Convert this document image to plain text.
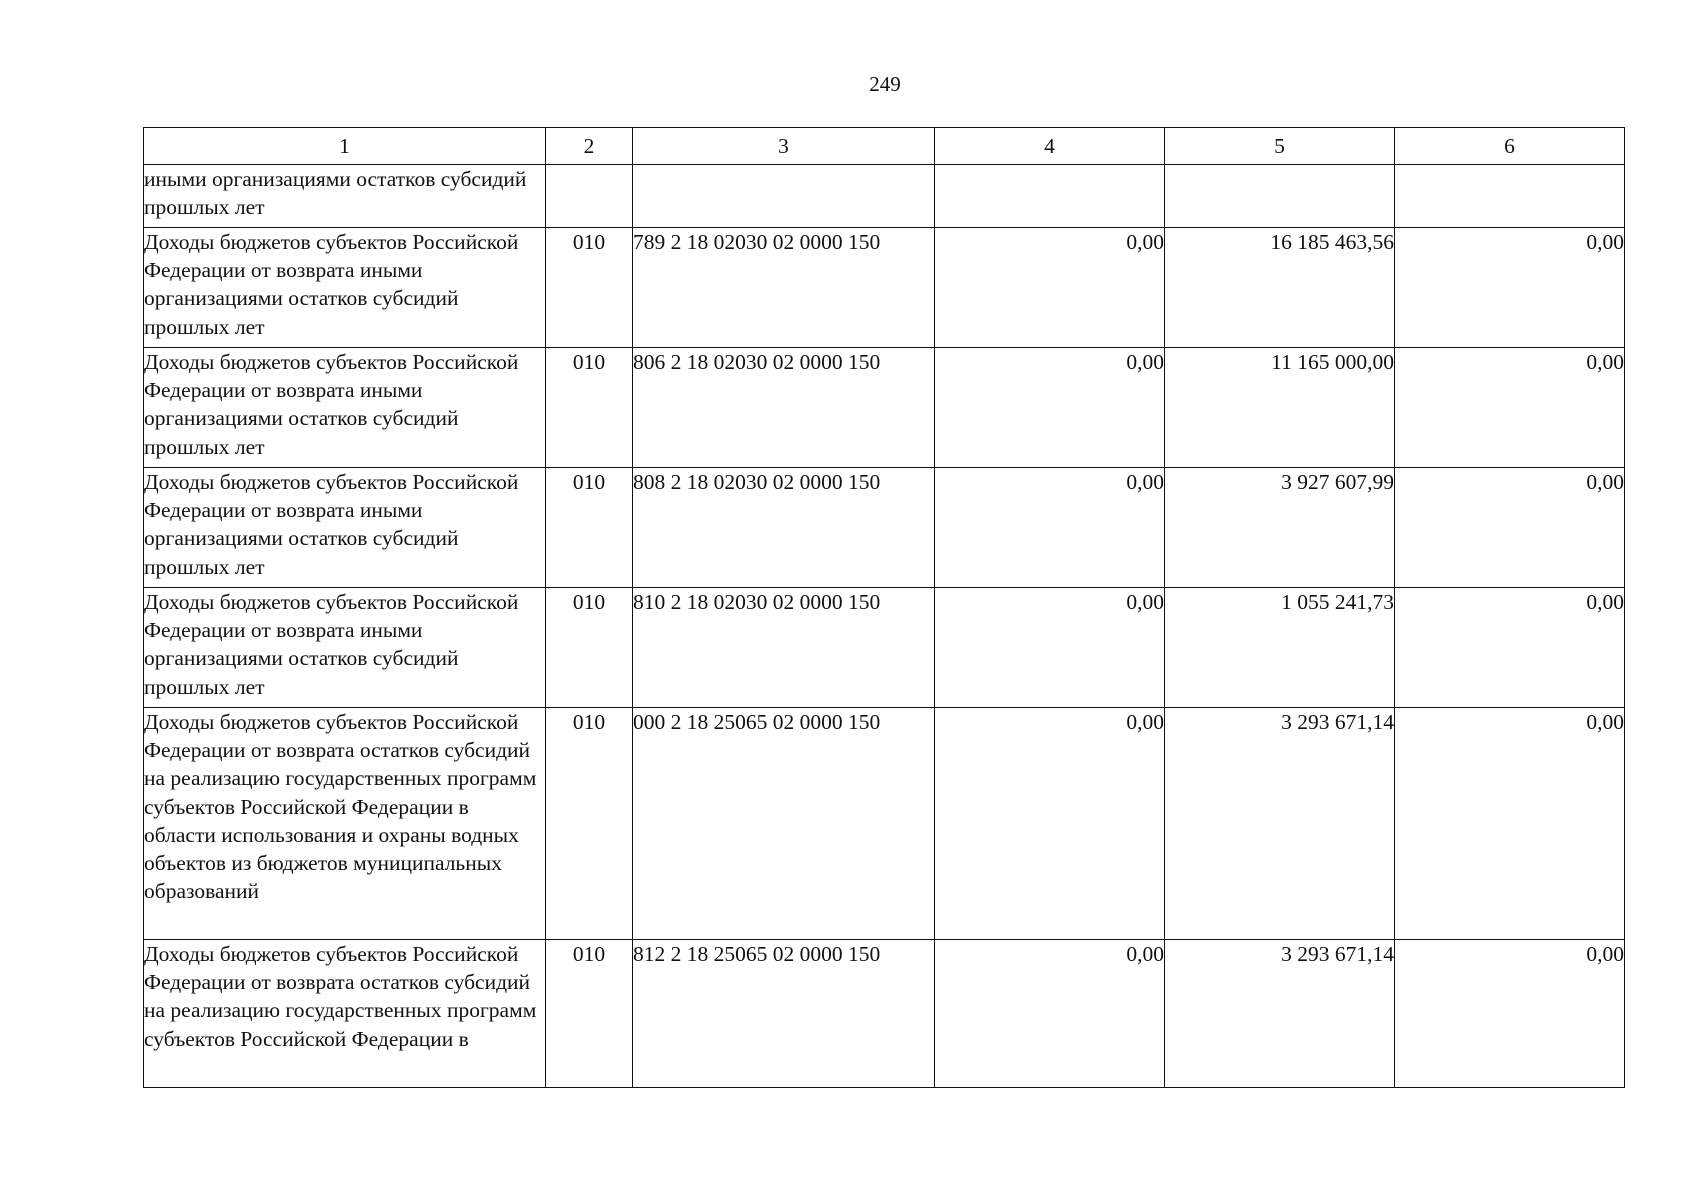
249
1	2	3	4	5	6
иными организациями остатков субсидий прошлых лет					
Доходы бюджетов субъектов Российской Федерации от возврата иными организациями остатков субсидий прошлых лет	010	789 2 18 02030 02 0000 150	0,00	16 185 463,56	0,00
Доходы бюджетов субъектов Российской Федерации от возврата иными организациями остатков субсидий прошлых лет	010	806 2 18 02030 02 0000 150	0,00	11 165 000,00	0,00
Доходы бюджетов субъектов Российской Федерации от возврата иными организациями остатков субсидий прошлых лет	010	808 2 18 02030 02 0000 150	0,00	3 927 607,99	0,00
Доходы бюджетов субъектов Российской Федерации от возврата иными организациями остатков субсидий прошлых лет	010	810 2 18 02030 02 0000 150	0,00	1 055 241,73	0,00
Доходы бюджетов субъектов Российской Федерации от возврата остатков субсидий на реализацию государственных программ субъектов Российской Федерации в области использования и охраны водных объектов из бюджетов муниципальных образований	010	000 2 18 25065 02 0000 150	0,00	3 293 671,14	0,00
Доходы бюджетов субъектов Российской Федерации от возврата остатков субсидий на реализацию государственных программ субъектов Российской Федерации в	010	812 2 18 25065 02 0000 150	0,00	3 293 671,14	0,00
